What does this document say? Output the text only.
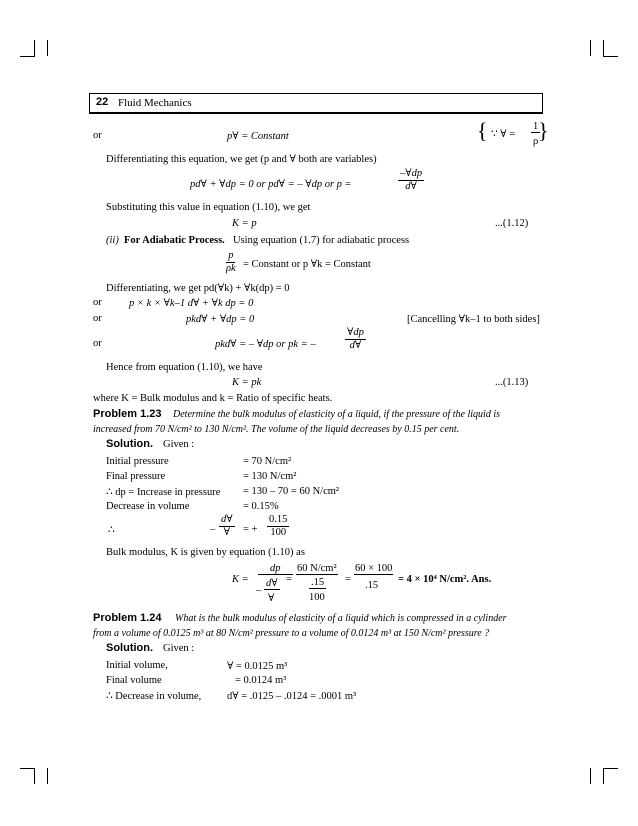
22 Fluid Mechanics
or	p∀ = Constant	{ ∵ ∀ =
1
ρ }
Differentiating this equation, we get (p and ∀ both are variables)
pd∀ + ∀dp = 0 or pd∀ = – ∀dp or p =	$\frac{-\forall dp}{d\forall}$
Substituting this value in equation (1.10), we get
K = p	...(1.12)
(ii) For Adiabatic Process. Using equation (1.7) for adiabatic process
$\frac{p}{\rho k}$ = Constant or p ∀k = Constant
Differentiating, we get pd(∀k) + ∀k(dp) = 0
or	p × k × ∀k–1 d∀ + ∀k dp = 0
or	pkd∀ + ∀dp = 0	[Cancelling ∀k–1 to both sides]
or	pkd∀ = – ∀dp or pk = –	$\frac{\forall dp}{d\forall}$
Hence from equation (1.10), we have
K = pk	...(1.13)
where K = Bulk modulus and k = Ratio of specific heats.
Problem 1.23 Determine the bulk modulus of elasticity of a liquid, if the pressure of the liquid is
increased from 70 N/cm² to 130 N/cm². The volume of the liquid decreases by 0.15 per cent.
Solution. Given :
Initial pressure	= 70 N/cm²
Final pressure	= 130 N/cm²
∴ dp = Increase in pressure = 130 – 70 = 60 N/cm²
Decrease in volume	= 0.15%
∴	–
d∀
∀ = + $\frac{0.15}{100}$
Bulk modulus, K is given by equation (1.10) as
K =
dp
–
d∀
∀
=
60 N/cm²
.15
100
=
60 × 100
.15
= 4 × 10⁴ N/cm². Ans.
Problem 1.24 What is the bulk modulus of elasticity of a liquid which is compressed in a cylinder
from a volume of 0.0125 m³ at 80 N/cm² pressure to a volume of 0.0124 m³ at 150 N/cm² pressure ?
Solution. Given :
Initial volume,	∀ = 0.0125 m³
Final volume	= 0.0124 m³
∴ Decrease in volume, d∀ = .0125 – .0124 = .0001 m³
